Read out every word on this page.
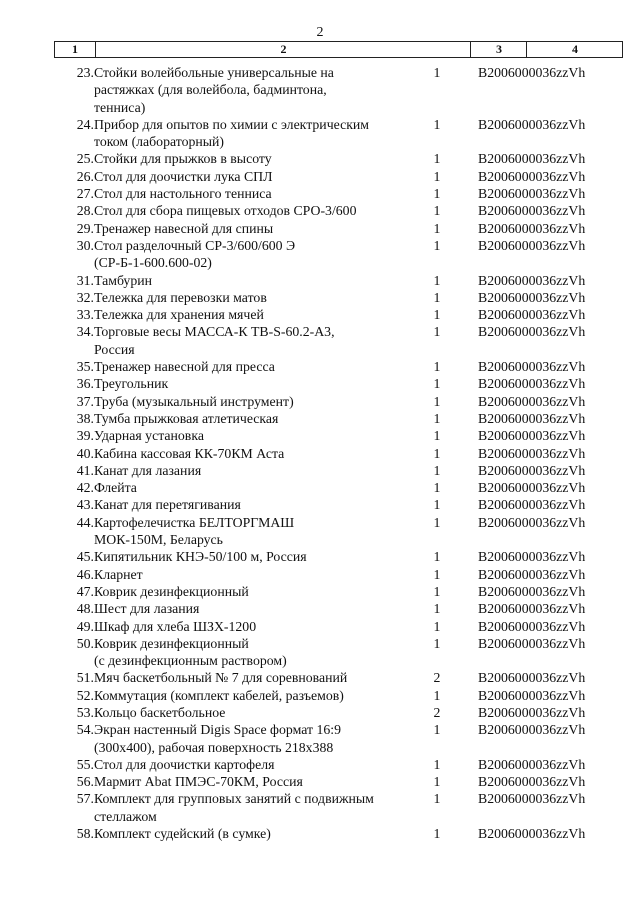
2
1	2	3	4
23. Стойки волейбольные универсальные на
растяжках (для волейбола, бадминтона,
тенниса)
1	B2006000036zzVh
24. Прибор для опытов по химии с электрическим
током (лабораторный)
1	B2006000036zzVh
25. Стойки для прыжков в высоту	1	B2006000036zzVh
26. Стол для доочистки лука СПЛ	1	B2006000036zzVh
27. Стол для настольного тенниса	1	B2006000036zzVh
28. Стол для сбора пищевых отходов СРО-3/600	1	B2006000036zzVh
29. Тренажер навесной для спины	1	B2006000036zzVh
30. Стол разделочный СР-3/600/600 Э
(СР-Б-1-600.600-02)
1	B2006000036zzVh
31. Тамбурин	1	B2006000036zzVh
32. Тележка для перевозки матов	1	B2006000036zzVh
33. Тележка для хранения мячей	1	B2006000036zzVh
34. Торговые весы МАССА-К ТВ-S-60.2-А3,
Россия
1	B2006000036zzVh
35. Тренажер навесной для пресса	1	B2006000036zzVh
36. Треугольник	1	B2006000036zzVh
37. Труба (музыкальный инструмент)	1	B2006000036zzVh
38. Тумба прыжковая атлетическая	1	B2006000036zzVh
39. Ударная установка	1	B2006000036zzVh
40. Кабина кассовая КК-70КМ Аста	1	B2006000036zzVh
41. Канат для лазания	1	B2006000036zzVh
42. Флейта	1	B2006000036zzVh
43. Канат для перетягивания	1	B2006000036zzVh
44. Картофелечистка БЕЛТОРГМАШ
МОК-150М, Беларусь
1	B2006000036zzVh
45. Кипятильник КНЭ-50/100 м, Россия	1	B2006000036zzVh
46. Кларнет	1	B2006000036zzVh
47. Коврик дезинфекционный	1	B2006000036zzVh
48. Шест для лазания	1	B2006000036zzVh
49. Шкаф для хлеба ШЗХ-1200	1	B2006000036zzVh
50. Коврик дезинфекционный
(с дезинфекционным раствором)
1	B2006000036zzVh
51. Мяч баскетбольный № 7 для соревнований	2	B2006000036zzVh
52. Коммутация (комплект кабелей, разъемов)	1	B2006000036zzVh
53. Кольцо баскетбольное	2	B2006000036zzVh
54. Экран настенный Digis Space формат 16:9
(300x400), рабочая поверхность 218x388
1	B2006000036zzVh
55. Стол для доочистки картофеля	1	B2006000036zzVh
56. Мармит Abat ПМЭС-70КМ, Россия	1	B2006000036zzVh
57. Комплект для групповых занятий с подвижным
стеллажом
1	B2006000036zzVh
58. Комплект судейский (в сумке)	1	B2006000036zzVh
